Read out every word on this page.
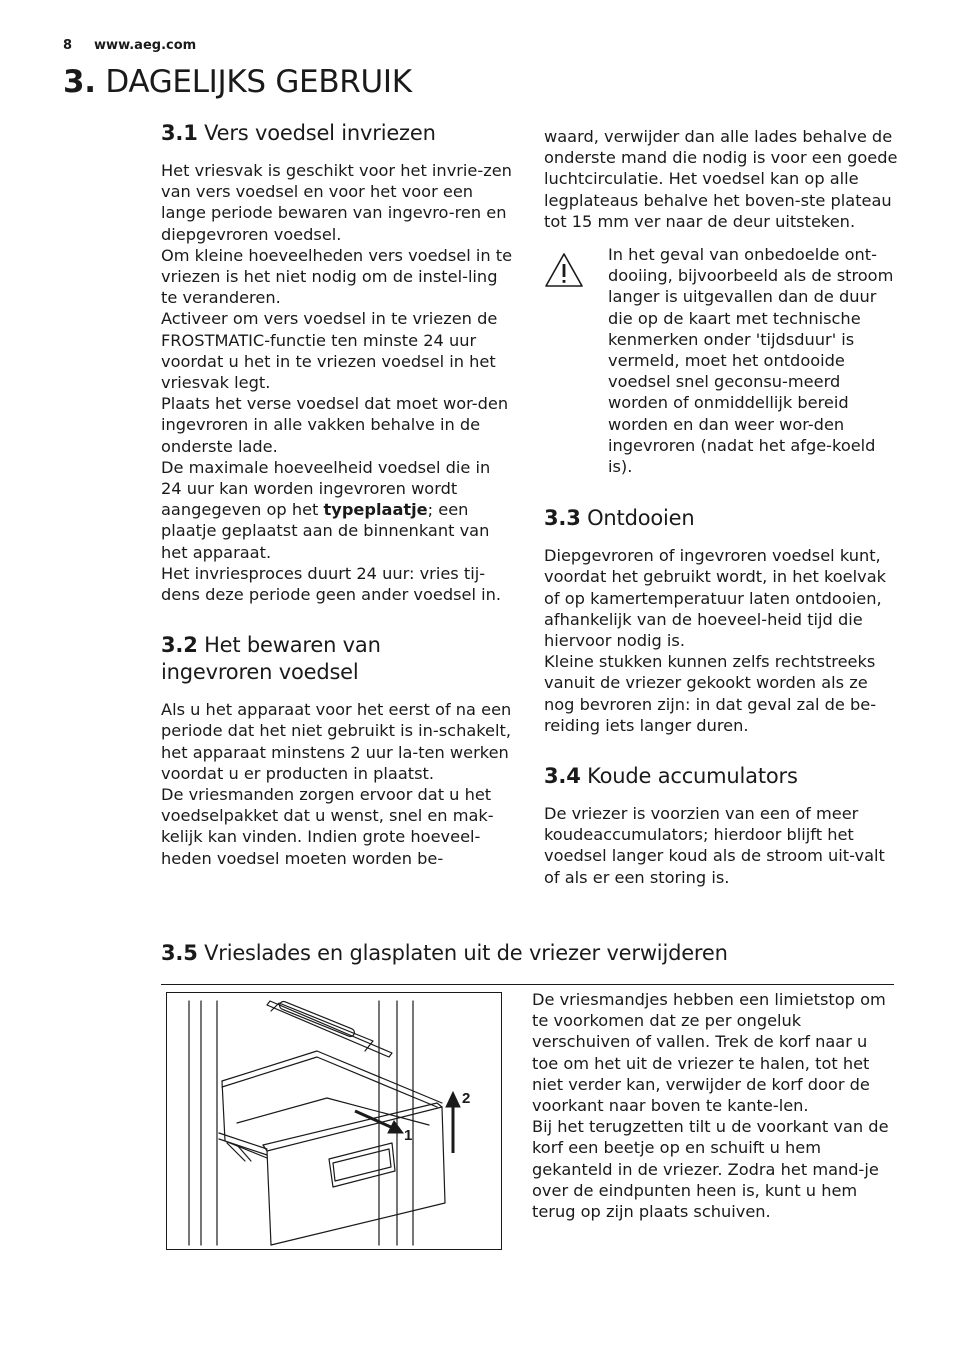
8 www.aeg.com
3. DAGELIJKS GEBRUIK
3.1 Vers voedsel invriezen

Het vriesvak is geschikt voor het invrie-zen van vers voedsel en voor het voor een lange periode bewaren van ingevro-ren en diepgevroren voedsel.

Om kleine hoeveelheden vers voedsel in te vriezen is het niet nodig om de instel-ling te veranderen.

Activeer om vers voedsel in te vriezen de FROSTMATIC-functie ten minste 24 uur voordat u het in te vriezen voedsel in het vriesvak legt.

Plaats het verse voedsel dat moet wor-den ingevroren in alle vakken behalve in de onderste lade.

De maximale hoeveelheid voedsel die in 24 uur kan worden ingevroren wordt aangegeven op het typeplaatje; een plaatje geplaatst aan de binnenkant van het apparaat.

Het invriesproces duurt 24 uur: vries tij-dens deze periode geen ander voedsel in.

3.2 Het bewaren van
ingevroren voedsel

Als u het apparaat voor het eerst of na een periode dat het niet gebruikt is in-schakelt, het apparaat minstens 2 uur la-ten werken voordat u er producten in plaatst.

De vriesmanden zorgen ervoor dat u het voedselpakket dat u wenst, snel en mak-kelijk kan vinden. Indien grote hoeveel-heden voedsel moeten worden be-

waard, verwijder dan alle lades behalve de onderste mand die nodig is voor een goede luchtcirculatie. Het voedsel kan op alle legplateaus behalve het boven-ste plateau tot 15 mm ver naar de deur uitsteken.

In het geval van onbedoelde ont-dooiing, bijvoorbeeld als de stroom langer is uitgevallen dan de duur die op de kaart met technische kenmerken onder 'tijdsduur' is vermeld, moet het ontdooide voedsel snel geconsu-meerd worden of onmiddellijk bereid worden en dan weer wor-den ingevroren (nadat het afge-koeld is).

3.3 Ontdooien

Diepgevroren of ingevroren voedsel kunt, voordat het gebruikt wordt, in het koelvak of op kamertemperatuur laten ontdooien, afhankelijk van de hoeveel-heid tijd die hiervoor nodig is.

Kleine stukken kunnen zelfs rechtstreeks vanuit de vriezer gekookt worden als ze nog bevroren zijn: in dat geval zal de be-reiding iets langer duren.

3.4 Koude accumulators

De vriezer is voorzien van een of meer koudeaccumulators; hierdoor blijft het voedsel langer koud als de stroom uit-valt of als er een storing is.

3.5 Vrieslades en glasplaten uit de vriezer verwijderen
1
2

De vriesmandjes hebben een limietstop om te voorkomen dat ze per ongeluk verschuiven of vallen. Trek de korf naar u toe om het uit de vriezer te halen, tot het niet verder kan, verwijder de korf door de voorkant naar boven te kante-len.

Bij het terugzetten tilt u de voorkant van de korf een beetje op en schuift u hem gekanteld in de vriezer. Zodra het mand-je over de eindpunten heen is, kunt u hem terug op zijn plaats schuiven.
